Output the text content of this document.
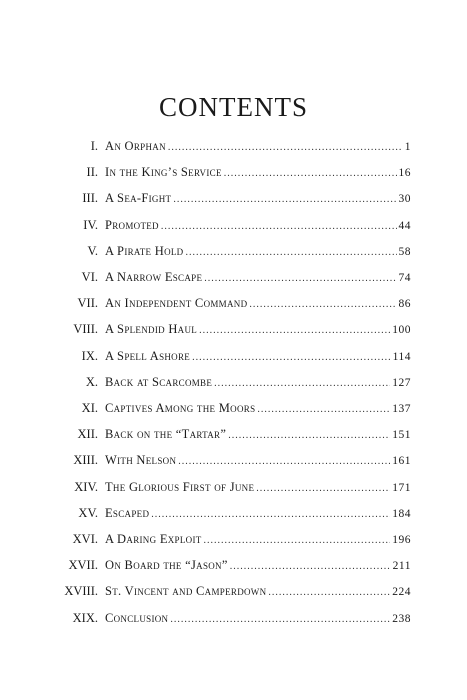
CONTENTS
I. An Orphan .....	1
II. In the King’s Service .....	16
III. A Sea-Fight .....	30
IV. Promoted .....	44
V. A Pirate Hold .....	58
VI. A Narrow Escape .....	74
VII. An Independent Command .....	86
VIII. A Splendid Haul .....	100
IX. A Spell Ashore .....	114
X. Back at Scarcombe .....	127
XI. Captives Among the Moors .....	137
XII. Back on the “Tartar” .....	151
XIII. With Nelson .....	161
XIV. The Glorious First of June .....	171
XV. Escaped .....	184
XVI. A Daring Exploit .....	196
XVII. On Board the “Jason” .....	211
XVIII. St. Vincent and Camperdown .....	224
XIX. Conclusion .....	238
